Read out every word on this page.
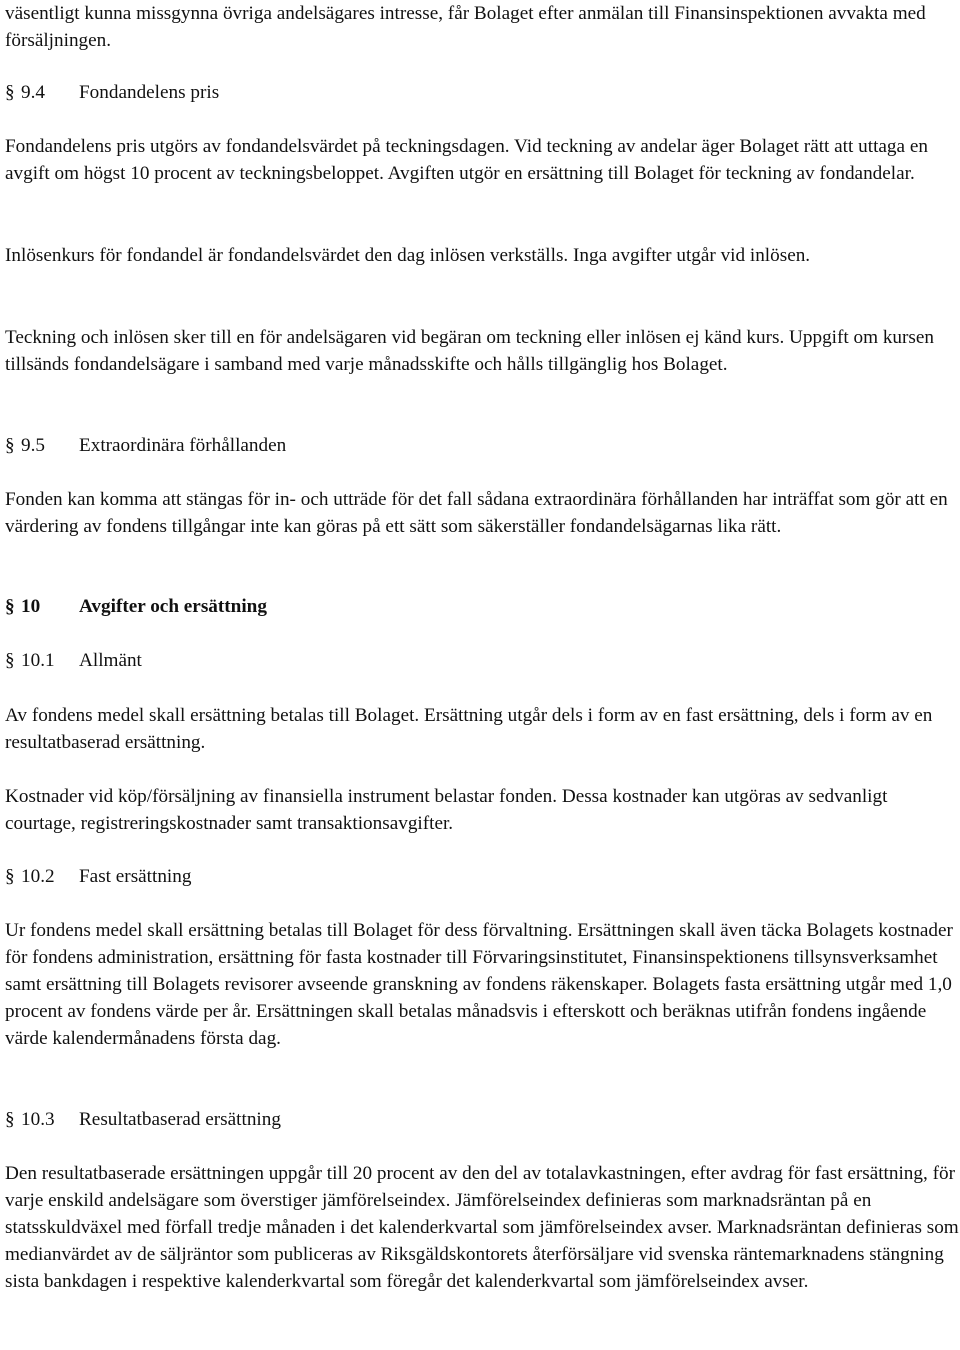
väsentligt kunna missgynna övriga andelsägares intresse, får Bolaget efter anmälan till Finansinspektionen avvakta med försäljningen.

§ 9.4 Fondandelens pris

Fondandelens pris utgörs av fondandelsvärdet på teckningsdagen. Vid teckning av andelar äger Bolaget rätt att uttaga en avgift om högst 10 procent av teckningsbeloppet. Avgiften utgör en ersättning till Bolaget för teckning av fondandelar.

Inlösenkurs för fondandel är fondandelsvärdet den dag inlösen verkställs. Inga avgifter utgår vid inlösen.

Teckning och inlösen sker till en för andelsägaren vid begäran om teckning eller inlösen ej känd kurs. Uppgift om kursen tillsänds fondandelsägare i samband med varje månadsskifte och hålls tillgänglig hos Bolaget.

§ 9.5 Extraordinära förhållanden

Fonden kan komma att stängas för in- och utträde för det fall sådana extraordinära förhållanden har inträffat som gör att en värdering av fondens tillgångar inte kan göras på ett sätt som säkerställer fondandelsägarnas lika rätt.

§ 10 Avgifter och ersättning
§ 10.1 Allmänt

Av fondens medel skall ersättning betalas till Bolaget. Ersättning utgår dels i form av en fast ersättning, dels i form av en resultatbaserad ersättning.

Kostnader vid köp/försäljning av finansiella instrument belastar fonden. Dessa kostnader kan utgöras av sedvanligt courtage, registreringskostnader samt transaktionsavgifter.

§ 10.2 Fast ersättning

Ur fondens medel skall ersättning betalas till Bolaget för dess förvaltning. Ersättningen skall även täcka Bolagets kostnader för fondens administration, ersättning för fasta kostnader till Förvaringsinstitutet, Finansinspektionens tillsynsverksamhet samt ersättning till Bolagets revisorer avseende granskning av fondens räkenskaper. Bolagets fasta ersättning utgår med 1,0 procent av fondens värde per år. Ersättningen skall betalas månadsvis i efterskott och beräknas utifrån fondens ingående värde kalendermånadens första dag.

§ 10.3 Resultatbaserad ersättning

Den resultatbaserade ersättningen uppgår till 20 procent av den del av totalavkastningen, efter avdrag för fast ersättning, för varje enskild andelsägare som överstiger jämförelseindex. Jämförelseindex definieras som marknadsräntan på en statsskuldväxel med förfall tredje månaden i det kalenderkvartal som jämförelseindex avser. Marknadsräntan definieras som medianvärdet av de säljräntor som publiceras av Riksgäldskontorets återförsäljare vid svenska räntemarknadens stängning sista bankdagen i respektive kalenderkvartal som föregår det kalenderkvartal som jämförelseindex avser.
